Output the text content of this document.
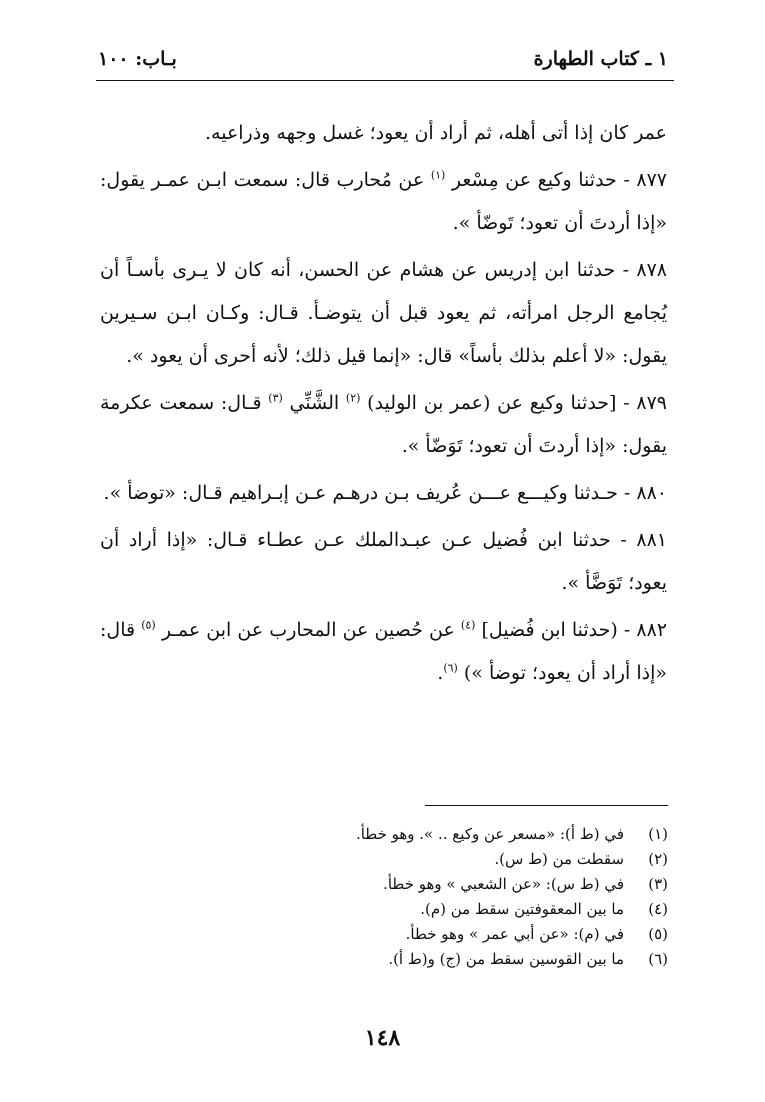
١ ـ كتاب الطهارة
بـاب: ١٠٠

عمر كان إذا أتى أهله، ثم أراد أن يعود؛ غسل وجهه وذراعيه.

٨٧٧ - حدثنا وكيع عن مِسْعر $^{(١)}$ عن مُحارب قال: سمعت ابـن عمـر يقول: «إذا أردتَ أن تعود؛ تَوضّأ ».

٨٧٨ - حدثنا ابن إدريس عن هشام عن الحسن، أنه كان لا يـرى بأسـاً أن يُجامع الرجل امرأته، ثم يعود قبل أن يتوضـأ. قـال: وكـان ابـن سـيرين يقول: «لا أعلم بذلك بأساً» قال: «إنما قيل ذلك؛ لأنه أحرى أن يعود ».

٨٧٩ - [حدثنا وكيع عن (عمر بن الوليد) $^{(٢)}$ الشَّنِّي $^{(٣)}$ قـال: سمعت عكرمة يقول: «إذا أردتَ أن تعود؛ تَوَضّأ ».

٨٨٠ - حـدثنا وكيـــع عـــن عُريف بـن درهـم عـن إبـراهيم قـال: «توضأ ».

٨٨١ - حدثنا ابن فُضيل عـن عبـدالملك عـن عطـاء قـال: «إذا أراد أن يعود؛ تَوَضَّأ ».

٨٨٢ - (حدثنا ابن فُضيل] $^{(٤)}$ عن حُصين عن المحارب عن ابن عمـر $^{(٥)}$ قال: «إذا أراد أن يعود؛ توضأ ») $^{(٦)}$.

(١)
في (ط أ): «مسعر عن وكيع .. ». وهو خطأ.
(٢)
سقطت من (ط س).
(٣)
في (ط س): «عن الشعبي » وهو خطأ.
(٤)
ما بين المعقوفتين سقط من (م).
(٥)
في (م): «عن أبي عمر » وهو خطأ.
(٦)
ما بين القوسين سقط من (ج) و(ط أ).
١٤٨
